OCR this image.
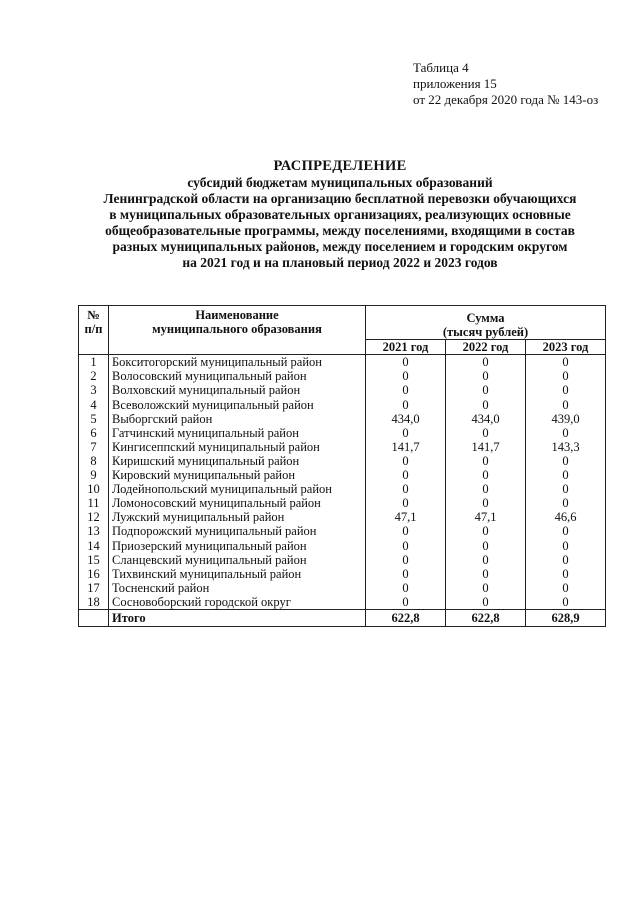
Таблица 4
приложения 15
от 22 декабря 2020 года № 143-оз
РАСПРЕДЕЛЕНИЕ
субсидий бюджетам муниципальных образований
Ленинградской области на организацию бесплатной перевозки обучающихся
в муниципальных образовательных организациях, реализующих основные
общеобразовательные программы, между поселениями, входящими в состав
разных муниципальных районов, между поселением и городским округом
на 2021 год и на плановый период 2022 и 2023 годов
№
п/п	Наименование
муниципального образования	Сумма
(тысяч рублей)		
		2021 год	2022 год	2023 год
1	Бокситогорский муниципальный район	0	0	0
2	Волосовский муниципальный район	0	0	0
3	Волховский муниципальный район	0	0	0
4	Всеволожский муниципальный район	0	0	0
5	Выборгский район	434,0	434,0	439,0
6	Гатчинский муниципальный район	0	0	0
7	Кингисеппский муниципальный район	141,7	141,7	143,3
8	Киришский муниципальный район	0	0	0
9	Кировский муниципальный район	0	0	0
10	Лодейнопольский муниципальный район	0	0	0
11	Ломоносовский муниципальный район	0	0	0
12	Лужский муниципальный район	47,1	47,1	46,6
13	Подпорожский муниципальный район	0	0	0
14	Приозерский муниципальный район	0	0	0
15	Сланцевский муниципальный район	0	0	0
16	Тихвинский муниципальный район	0	0	0
17	Тосненский район	0	0	0
18	Сосновоборский городской округ	0	0	0
	Итого	622,8	622,8	628,9
